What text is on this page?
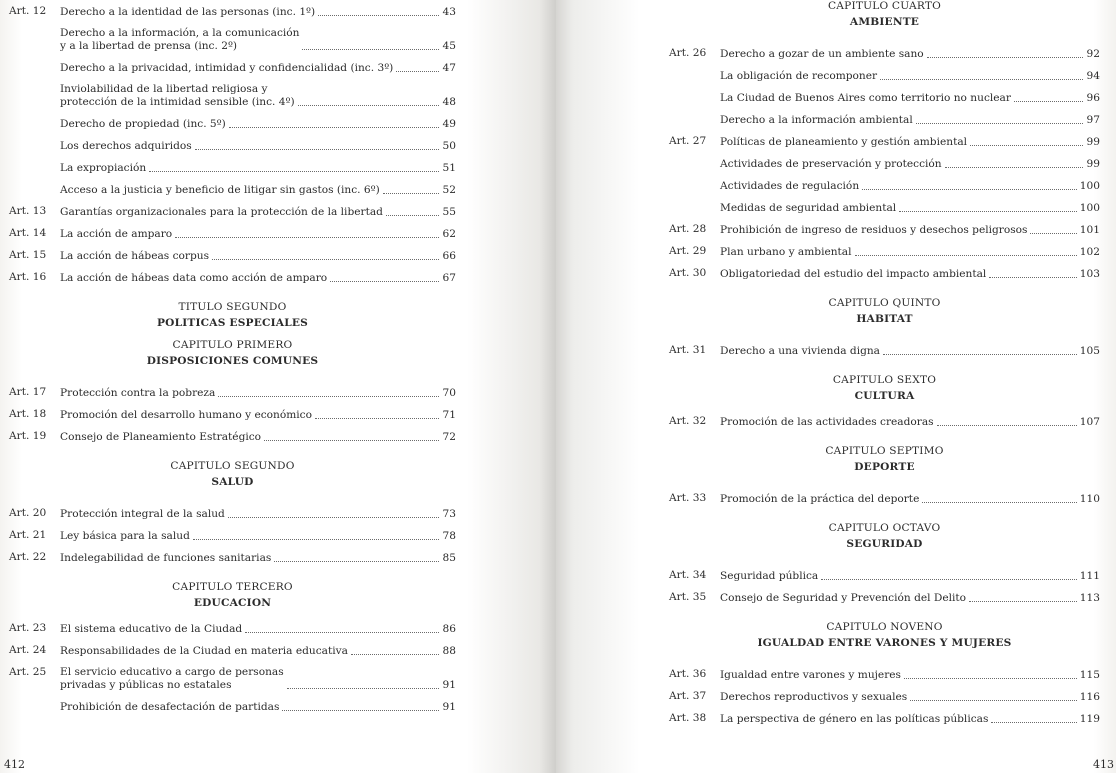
Art. 12	Derecho a la identidad de las personas (inc. 1º)	43
Derecho a la información, a la comunicación
y a la libertad de prensa (inc. 2º)	45
Derecho a la privacidad, intimidad y confidencialidad (inc. 3º)	47
Inviolabilidad de la libertad religiosa y
protección de la intimidad sensible (inc. 4º)	48
Derecho de propiedad (inc. 5º)	49
Los derechos adquiridos	50
La expropiación	51
Acceso a la justicia y beneficio de litigar sin gastos (inc. 6º)	52
Art. 13	Garantías organizacionales para la protección de la libertad	55
Art. 14	La acción de amparo	62
Art. 15	La acción de hábeas corpus	66
Art. 16	La acción de hábeas data como acción de amparo	67
TITULO SEGUNDO
POLITICAS ESPECIALES
CAPITULO PRIMERO
DISPOSICIONES COMUNES
Art. 17	Protección contra la pobreza	70
Art. 18	Promoción del desarrollo humano y económico	71
Art. 19	Consejo de Planeamiento Estratégico	72
CAPITULO SEGUNDO
SALUD
Art. 20	Protección integral de la salud	73
Art. 21	Ley básica para la salud	78
Art. 22	Indelegabilidad de funciones sanitarias	85
CAPITULO TERCERO
EDUCACION
Art. 23	El sistema educativo de la Ciudad	86
Art. 24	Responsabilidades de la Ciudad en materia educativa	88
Art. 25	El servicio educativo a cargo de personas
privadas y públicas no estatales	91
Prohibición de desafectación de partidas	91
412
CAPITULO CUARTO
AMBIENTE
Art. 26	Derecho a gozar de un ambiente sano	92
La obligación de recomponer	94
La Ciudad de Buenos Aires como territorio no nuclear	96
Derecho a la información ambiental	97
Art. 27	Políticas de planeamiento y gestión ambiental	99
Actividades de preservación y protección	99
Actividades de regulación	100
Medidas de seguridad ambiental	100
Art. 28	Prohibición de ingreso de residuos y desechos peligrosos	101
Art. 29	Plan urbano y ambiental	102
Art. 30	Obligatoriedad del estudio del impacto ambiental	103
CAPITULO QUINTO
HABITAT
Art. 31	Derecho a una vivienda digna	105
CAPITULO SEXTO
CULTURA
Art. 32	Promoción de las actividades creadoras	107
CAPITULO SEPTIMO
DEPORTE
Art. 33	Promoción de la práctica del deporte	110
CAPITULO OCTAVO
SEGURIDAD
Art. 34	Seguridad pública	111
Art. 35	Consejo de Seguridad y Prevención del Delito	113
CAPITULO NOVENO
IGUALDAD ENTRE VARONES Y MUJERES
Art. 36	Igualdad entre varones y mujeres	115
Art. 37	Derechos reproductivos y sexuales	116
Art. 38	La perspectiva de género en las políticas públicas	119
413
